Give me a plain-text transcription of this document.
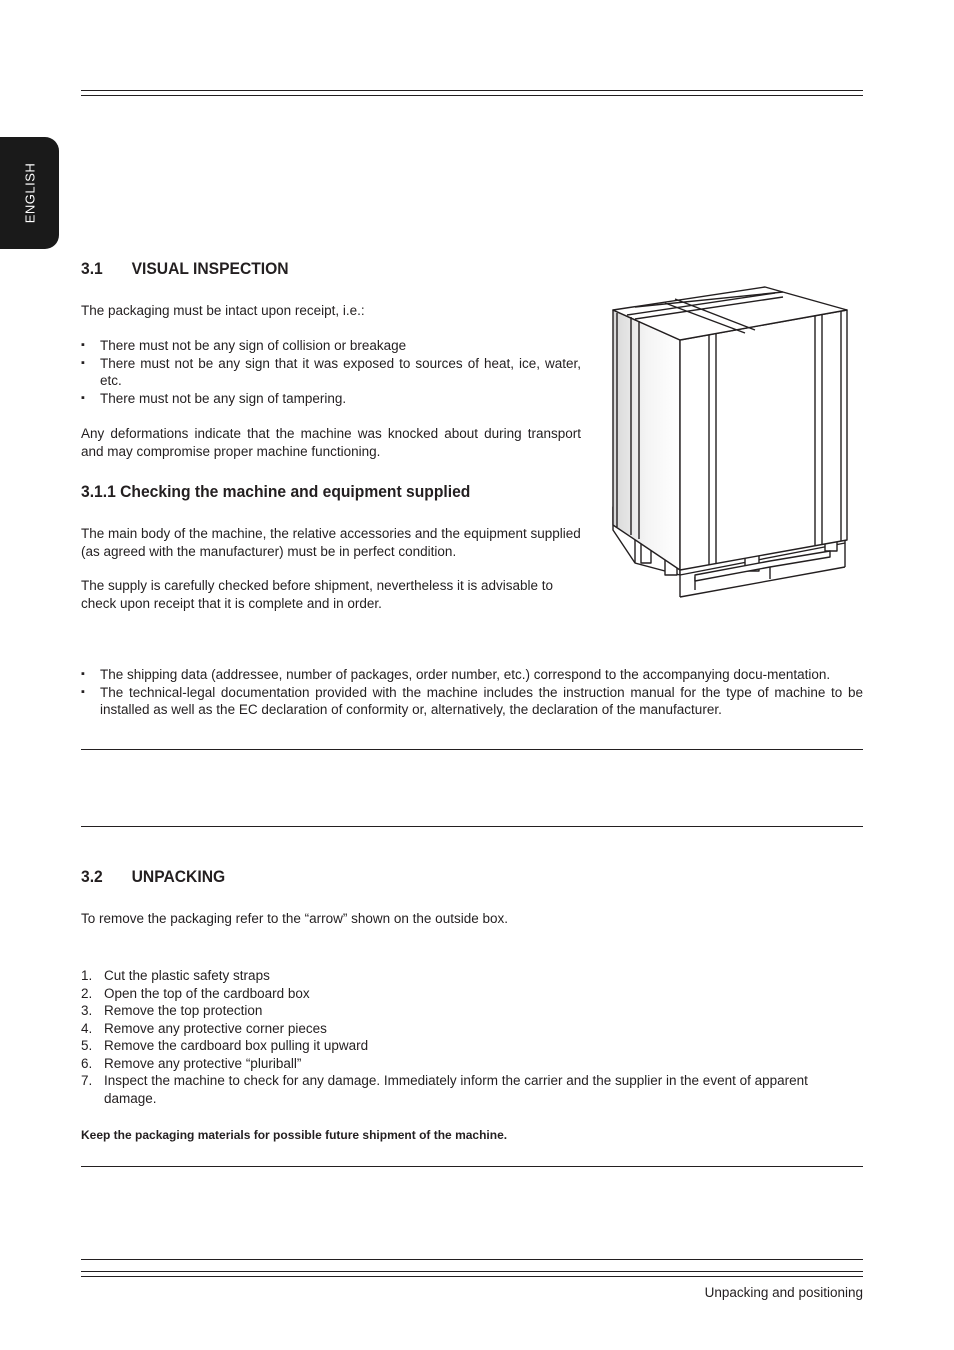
ENGLISH
3.1 VISUAL INSPECTION

The packaging must be intact upon receipt, i.e.:

▪ There must not be any sign of collision or breakage
▪ There must not be any sign that it was exposed to sources of heat, ice, water, etc.
▪ There must not be any sign of tampering.

Any deformations indicate that the machine was knocked about during transport and may compromise proper machine functioning.

3.1.1 Checking the machine and equipment supplied

The main body of the machine, the relative accessories and the equipment supplied (as agreed with the manufacturer) must be in perfect condition.

The supply is carefully checked before shipment, nevertheless it is advisable to check upon receipt that it is complete and in order.

▪ The shipping data (addressee, number of packages, order number, etc.) correspond to the accompanying docu-mentation.
▪ The technical-legal documentation provided with the machine includes the instruction manual for the type of machine to be installed as well as the EC declaration of conformity or, alternatively, the declaration of the manufacturer.
3.2 UNPACKING

To remove the packaging refer to the “arrow” shown on the outside box.

1. Cut the plastic safety straps
2. Open the top of the cardboard box
3. Remove the top protection
4. Remove any protective corner pieces
5. Remove the cardboard box pulling it upward
6. Remove any protective “pluriball”
7. Inspect the machine to check for any damage. Immediately inform the carrier and the supplier in the event of apparent damage.
Keep the packaging materials for possible future shipment of the machine.
Unpacking and positioning
